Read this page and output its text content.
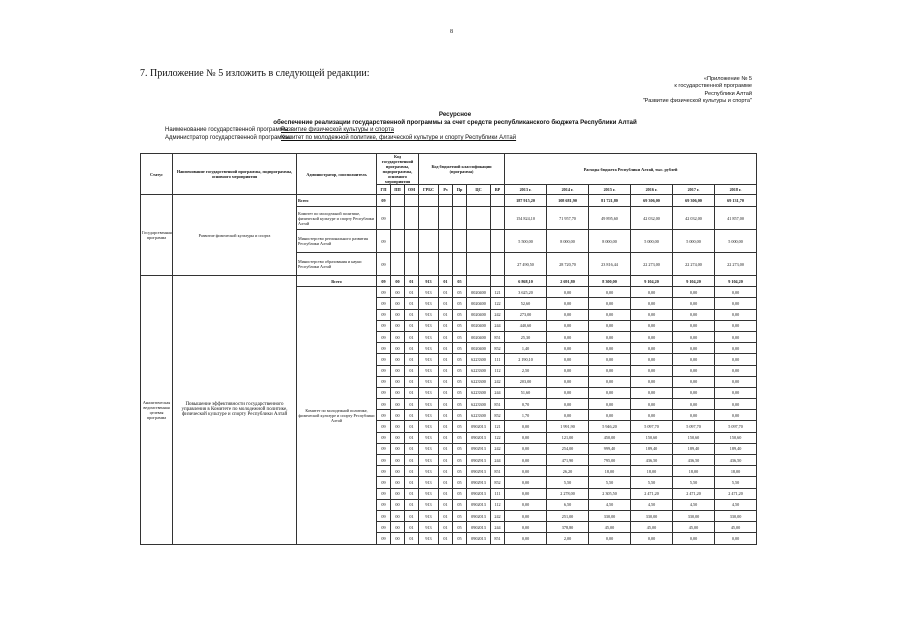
8
7. Приложение № 5 изложить в следующей редакции:	«Приложение № 5
к государственной программе
Республики Алтай
"Развитие физической культуры и спорта"
Ресурсное
обеспечение реализации государственной программы за счет средств республиканского бюджета Республики Алтай
Наименование государственной программы:
Развитие физической культуры и спорта
Администратор государственной программы:
Комитет по молодежной политике, физической культуре и спорту Республики Алтай
Статус	Наименование государственной программы, подпрограммы, основного мероприятия	Администратор, соисполнитель	Код государственной программы, подпрограммы, основного мероприятия			Код бюджетной классификации (программа)					Расходы бюджета Республики Алтай, тыс. рублей					
			ГП	ПП	ОМ	ГРБС	Рз	Пр	ЦС	ВР	2013 г.	2014 г.	2015 г.	2016 г.	2017 г.	2018 г.
Государственная программа	Развитие физической культуры и спорта	Всего	09								187 915,20	108 681,90	81 721,80	69 306,00	69 306,00	69 131,70
		Комитет по молодежной политике, физической культуре и спорту Республики Алтай	09								154 824,10	71 957,70	49 895,60	42 032,00	42 032,00	41 857,00
		Министерство регионального развития Республики Алтай	09								5 500,00	8 000,00	8 000,00	5 000,00	5 000,00	5 000,00
		Министерство образования и науки Республики Алтай	09								27 490,50	28 720,70	23 816,44	22 273,00	22 274,00	22 273,00
Аналитическая ведомственная целевая программа	Повышение эффективности государственного управления в Комитете по молодежной политике, физической культуре и спорту Республики Алтай	Всего	09	00	01	913	01	05			6 868,10	2 691,80	8 300,00	9 104,20	9 104,20	9 104,20
		Комитет по молодежной политике, физической культуре и спорту Республики Алтай	09	00	01	913	01	05	0020400	121	3 625,20	0,00	0,00	0,00	0,00	0,00
			09	00	01	913	01	05	0020400	122	52,60	0,00	0,00	0,00	0,00	0,00
			09	00	01	913	01	05	0020400	242	273,00	0,00	0,00	0,00	0,00	0,00
			09	00	01	913	01	05	0020400	244	440,60	0,00	0,00	0,00	0,00	0,00
			09	00	01	913	01	05	0020400	851	25,30	0,00	0,00	0,00	0,00	0,00
			09	00	01	913	01	05	0020400	852	1,40	0,00	0,00	0,00	0,00	0,00
			09	00	01	913	01	05	6223300	111	2 190,10	0,00	0,00	0,00	0,00	0,00
			09	00	01	913	01	05	6223300	112	2,50	0,00	0,00	0,00	0,00	0,00
			09	00	01	913	01	05	6223300	242	203,00	0,00	0,00	0,00	0,00	0,00
			09	00	01	913	01	05	6223300	244	51,60	0,00	0,00	0,00	0,00	0,00
			09	00	01	913	01	05	6223300	851	0,70	0,00	0,00	0,00	0,00	0,00
			09	00	01	913	01	05	6223300	852	1,70	0,00	0,00	0,00	0,00	0,00
			09	00	01	913	01	05	0902013	121	0,00	1 991,90	5 946,20	5 097,70	5 097,70	5 097,70
			09	00	01	913	01	05	0902013	122	0,00	121,00	450,00	150,60	150,60	150,60
			09	00	01	913	01	05	0902913	242	0,00	254,00	999,40	189,40	189,40	189,40
			09	00	01	913	01	05	0902913	244	0,00	471,90	795,00	436,50	436,50	436,50
			09	00	01	913	01	05	0902913	851	0,00	26,20	18,00	18,00	18,00	18,00
			09	00	01	913	01	05	0902913	852	0,00	5,50	5,50	5,50	5,50	5,50
			09	00	01	913	01	05	0902013	111	0,00	2 278,00	2 305,50	2 471,20	2 471,20	2 471,20
			09	00	01	913	01	05	0902013	112	0,00	6,50	4,50	4,50	4,50	4,50
			09	00	01	913	01	05	0902013	242	0,00	251,00	330,00	330,00	330,00	330,00
			09	00	01	913	01	05	0902013	244	0,00	378,80	45,00	45,00	45,00	45,00
			09	00	01	913	01	05	0902013	851	0,00	2,00	0,00	0,00	0,00	0,00
